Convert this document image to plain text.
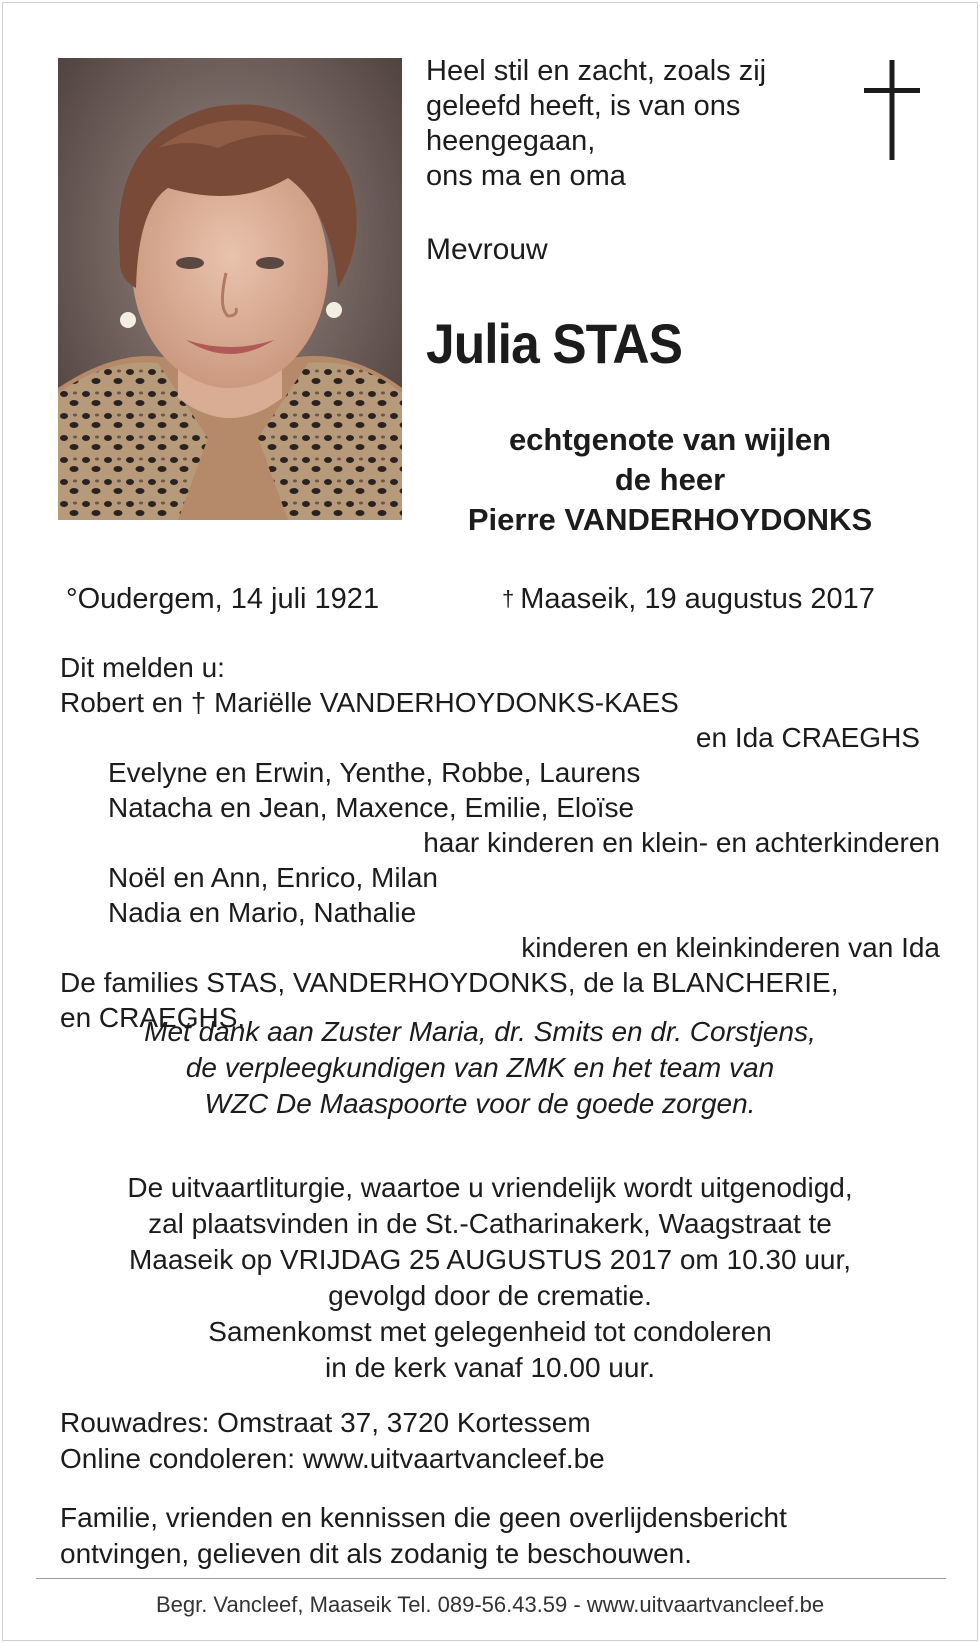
Heel stil en zacht, zoals zij
geleefd heeft, is van ons
heengegaan,
ons ma en oma
Mevrouw
Julia STAS
echtgenote van wijlen
de heer
Pierre VANDERHOYDONKS
°Oudergem, 14 juli 1921	† Maaseik, 19 augustus 2017
Dit melden u:
Robert en † Mariëlle VANDERHOYDONKS-KAES
en Ida CRAEGHS
Evelyne en Erwin, Yenthe, Robbe, Laurens
Natacha en Jean, Maxence, Emilie, Eloïse
haar kinderen en klein- en achterkinderen
Noël en Ann, Enrico, Milan
Nadia en Mario, Nathalie
kinderen en kleinkinderen van Ida
De families STAS, VANDERHOYDONKS, de la BLANCHERIE,
en CRAEGHS.
Met dank aan Zuster Maria, dr. Smits en dr. Corstjens,
de verpleegkundigen van ZMK en het team van
WZC De Maaspoorte voor de goede zorgen.
De uitvaartliturgie, waartoe u vriendelijk wordt uitgenodigd,
zal plaatsvinden in de St.-Catharinakerk, Waagstraat te
Maaseik op VRIJDAG 25 AUGUSTUS 2017 om 10.30 uur,
gevolgd door de crematie.
Samenkomst met gelegenheid tot condoleren
in de kerk vanaf 10.00 uur.
Rouwadres: Omstraat 37, 3720 Kortessem
Online condoleren: www.uitvaartvancleef.be
Familie, vrienden en kennissen die geen overlijdensbericht
ontvingen, gelieven dit als zodanig te beschouwen.
Begr. Vancleef, Maaseik Tel. 089-56.43.59 - www.uitvaartvancleef.be
